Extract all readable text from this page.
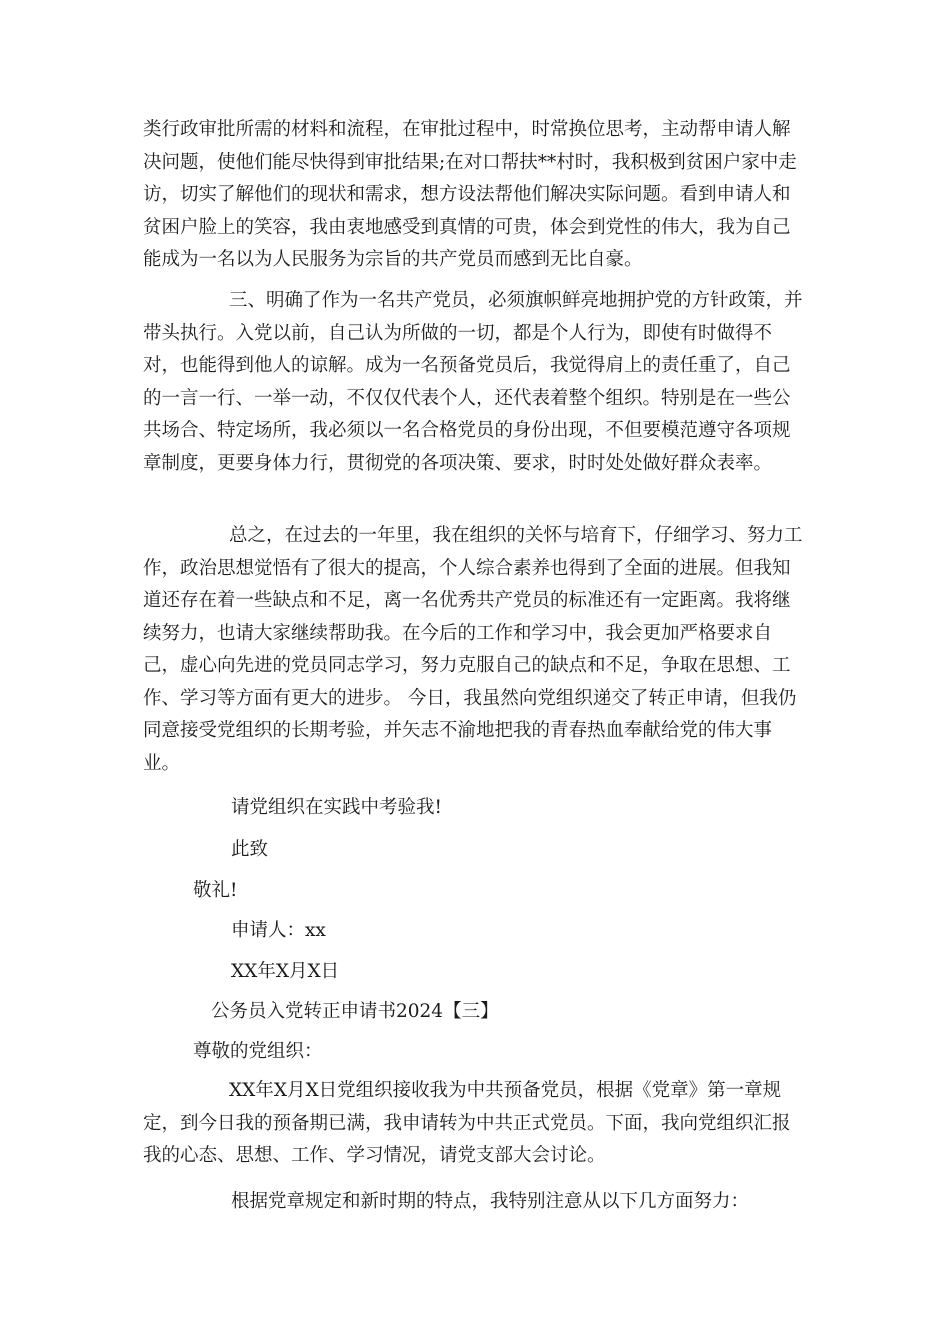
类行政审批所需的材料和流程，在审批过程中，时常换位思考，主动帮申请人解决问题，使他们能尽快得到审批结果;在对口帮扶**村时，我积极到贫困户家中走访，切实了解他们的现状和需求，想方设法帮他们解决实际问题。看到申请人和贫困户脸上的笑容，我由衷地感受到真情的可贵，体会到党性的伟大，我为自己能成为一名以为人民服务为宗旨的共产党员而感到无比自豪。

三、明确了作为一名共产党员，必须旗帜鲜亮地拥护党的方针政策，并带头执行。入党以前，自己认为所做的一切，都是个人行为，即使有时做得不对，也能得到他人的谅解。成为一名预备党员后，我觉得肩上的责任重了，自己的一言一行、一举一动，不仅仅代表个人，还代表着整个组织。特别是在一些公共场合、特定场所，我必须以一名合格党员的身份出现，不但要模范遵守各项规章制度，更要身体力行，贯彻党的各项决策、要求，时时处处做好群众表率。

总之，在过去的一年里，我在组织的关怀与培育下，仔细学习、努力工作，政治思想觉悟有了很大的提高，个人综合素养也得到了全面的进展。但我知道还存在着一些缺点和不足，离一名优秀共产党员的标准还有一定距离。我将继续努力，也请大家继续帮助我。在今后的工作和学习中，我会更加严格要求自己，虚心向先进的党员同志学习，努力克服自己的缺点和不足，争取在思想、工作、学习等方面有更大的进步。 今日，我虽然向党组织递交了转正申请，但我仍同意接受党组织的长期考验，并矢志不渝地把我的青春热血奉献给党的伟大事业。

请党组织在实践中考验我!

此致

敬礼!

申请人：xx

XX年X月X日

公务员入党转正申请书2024【三】

尊敬的党组织：

XX年X月X日党组织接收我为中共预备党员，根据《党章》第一章规定，到今日我的预备期已满，我申请转为中共正式党员。下面，我向党组织汇报我的心态、思想、工作、学习情况，请党支部大会讨论。

根据党章规定和新时期的特点，我特别注意从以下几方面努力：
